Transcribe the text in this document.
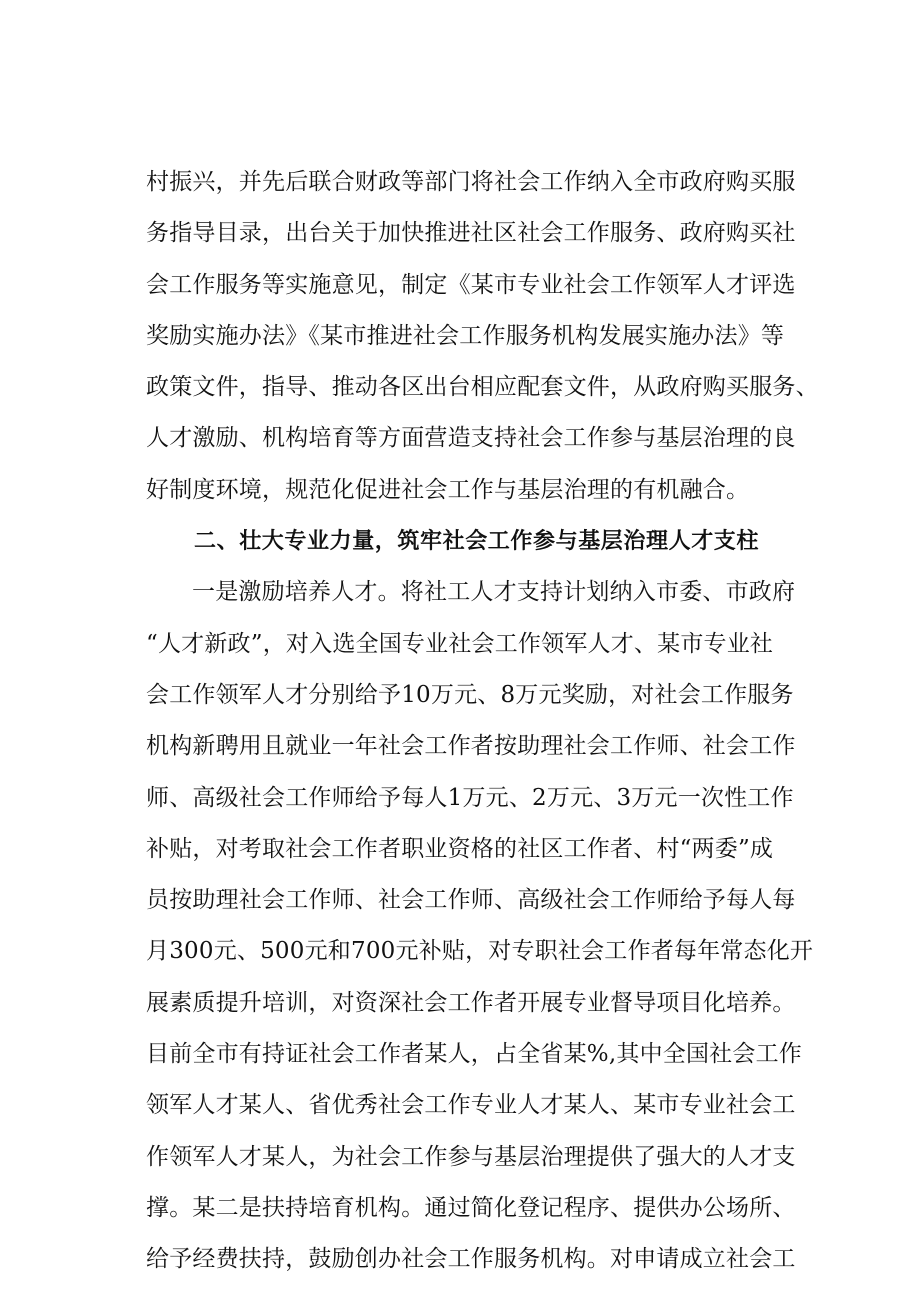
村振兴，并先后联合财政等部门将社会工作纳入全市政府购买服
务指导目录，出台关于加快推进社区社会工作服务、政府购买社
会工作服务等实施意见，制定《某市专业社会工作领军人才评选
奖励实施办法》《某市推进社会工作服务机构发展实施办法》等
政策文件，指导、推动各区出台相应配套文件，从政府购买服务、
人才激励、机构培育等方面营造支持社会工作参与基层治理的良
好制度环境，规范化促进社会工作与基层治理的有机融合。
二、壮大专业力量，筑牢社会工作参与基层治理人才支柱
一是激励培养人才。将社工人才支持计划纳入市委、市政府
“人才新政”，对入选全国专业社会工作领军人才、某市专业社
会工作领军人才分别给予10万元、8万元奖励，对社会工作服务
机构新聘用且就业一年社会工作者按助理社会工作师、社会工作
师、高级社会工作师给予每人1万元、2万元、3万元一次性工作
补贴，对考取社会工作者职业资格的社区工作者、村“两委”成
员按助理社会工作师、社会工作师、高级社会工作师给予每人每
月300元、500元和700元补贴，对专职社会工作者每年常态化开
展素质提升培训，对资深社会工作者开展专业督导项目化培养。
目前全市有持证社会工作者某人，占全省某%,其中全国社会工作
领军人才某人、省优秀社会工作专业人才某人、某市专业社会工
作领军人才某人，为社会工作参与基层治理提供了强大的人才支
撑。某二是扶持培育机构。通过简化登记程序、提供办公场所、
给予经费扶持，鼓励创办社会工作服务机构。对申请成立社会工
